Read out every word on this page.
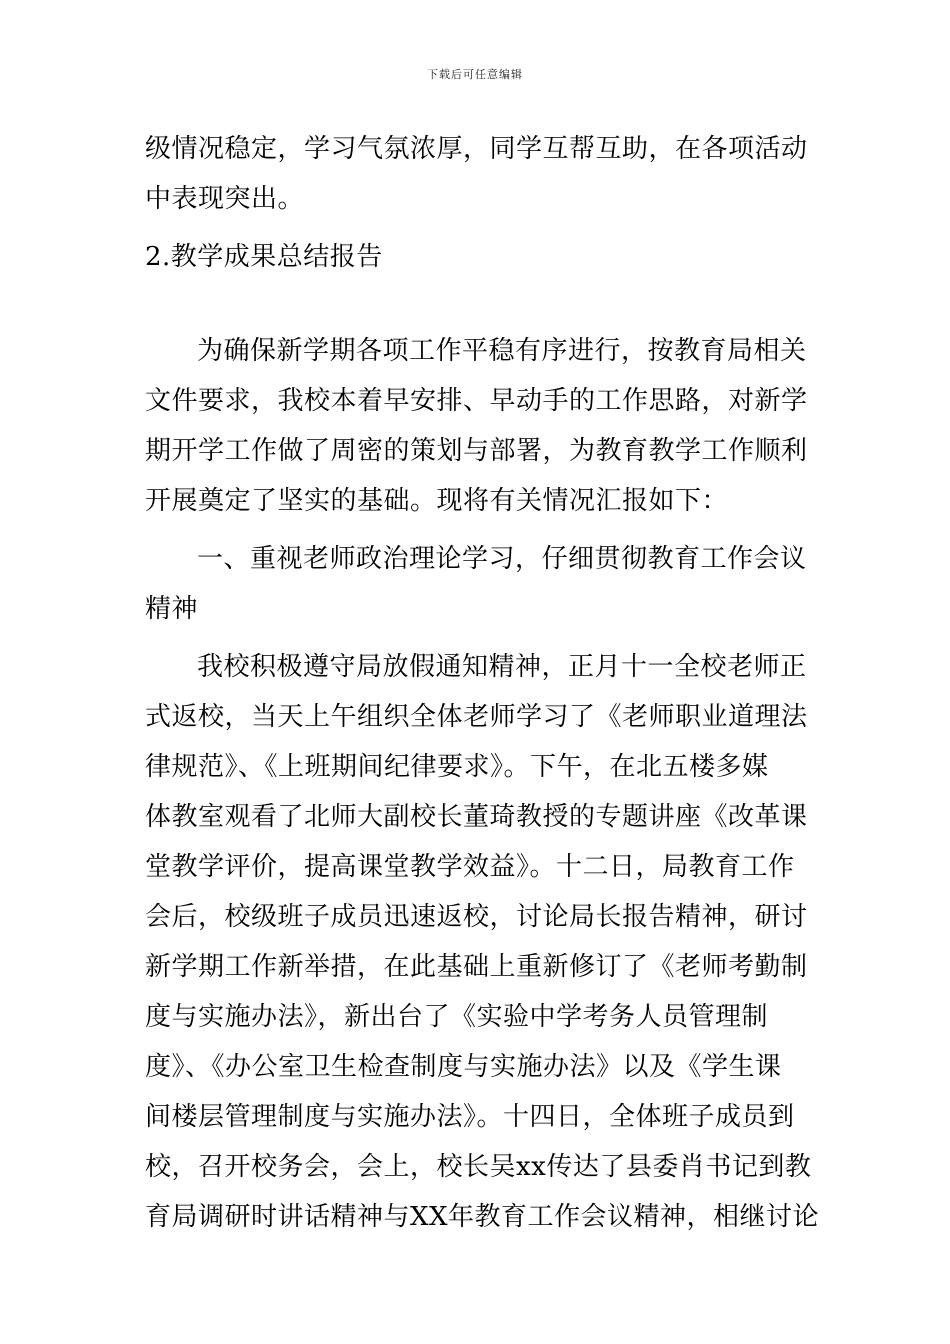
下载后可任意编辑
级情况稳定，学习气氛浓厚，同学互帮互助，在各项活动
中表现突出。
2.教学成果总结报告
为确保新学期各项工作平稳有序进行，按教育局相关
文件要求，我校本着早安排、早动手的工作思路，对新学
期开学工作做了周密的策划与部署，为教育教学工作顺利
开展奠定了坚实的基础。现将有关情况汇报如下：
一、重视老师政治理论学习，仔细贯彻教育工作会议
精神
我校积极遵守局放假通知精神，正月十一全校老师正
式返校，当天上午组织全体老师学习了《老师职业道理法
律规范》、《上班期间纪律要求》。下午，在北五楼多媒
体教室观看了北师大副校长董琦教授的专题讲座《改革课
堂教学评价，提高课堂教学效益》。十二日，局教育工作
会后，校级班子成员迅速返校，讨论局长报告精神，研讨
新学期工作新举措，在此基础上重新修订了《老师考勤制
度与实施办法》，新出台了《实验中学考务人员管理制
度》、《办公室卫生检查制度与实施办法》以及《学生课
间楼层管理制度与实施办法》。十四日，全体班子成员到
校，召开校务会，会上，校长吴xx传达了县委肖书记到教
育局调研时讲话精神与XX年教育工作会议精神，相继讨论
